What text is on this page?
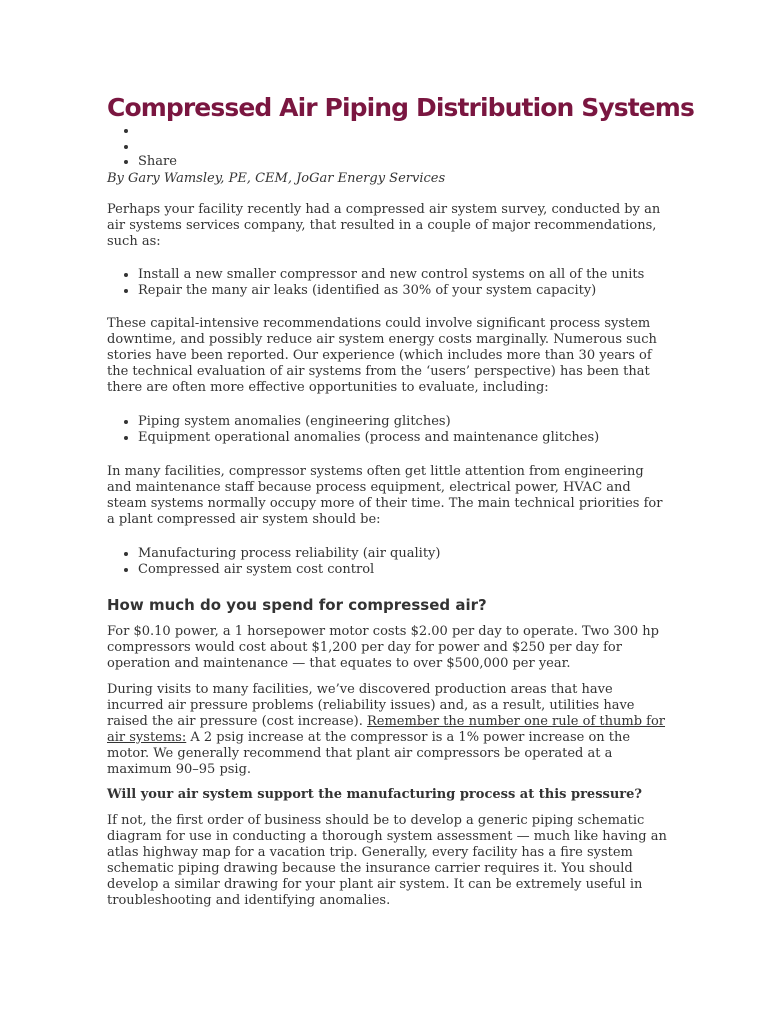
Compressed Air Piping Distribution Systems
•
•
• Share

By Gary Wamsley, PE, CEM, JoGar Energy Services

Perhaps your facility recently had a compressed air system survey, conducted by an air systems services company, that resulted in a couple of major recommendations, such as:

• Install a new smaller compressor and new control systems on all of the units
• Repair the many air leaks (identified as 30% of your system capacity)

These capital-intensive recommendations could involve significant process system downtime, and possibly reduce air system energy costs marginally. Numerous such stories have been reported. Our experience (which includes more than 30 years of the technical evaluation of air systems from the ‘users’ perspective) has been that there are often more effective opportunities to evaluate, including:

• Piping system anomalies (engineering glitches)
• Equipment operational anomalies (process and maintenance glitches)

In many facilities, compressor systems often get little attention from engineering and maintenance staff because process equipment, electrical power, HVAC and steam systems normally occupy more of their time. The main technical priorities for a plant compressed air system should be:

• Manufacturing process reliability (air quality)
• Compressed air system cost control
How much do you spend for compressed air?

For $0.10 power, a 1 horsepower motor costs $2.00 per day to operate. Two 300 hp compressors would cost about $1,200 per day for power and $250 per day for operation and maintenance — that equates to over $500,000 per year.

During visits to many facilities, we’ve discovered production areas that have incurred air pressure problems (reliability issues) and, as a result, utilities have raised the air pressure (cost increase). Remember the number one rule of thumb for air systems: A 2 psig increase at the compressor is a 1% power increase on the motor. We generally recommend that plant air compressors be operated at a maximum 90–95 psig.

Will your air system support the manufacturing process at this pressure?

If not, the first order of business should be to develop a generic piping schematic diagram for use in conducting a thorough system assessment — much like having an atlas highway map for a vacation trip. Generally, every facility has a fire system schematic piping drawing because the insurance carrier requires it. You should develop a similar drawing for your plant air system. It can be extremely useful in troubleshooting and identifying anomalies.
